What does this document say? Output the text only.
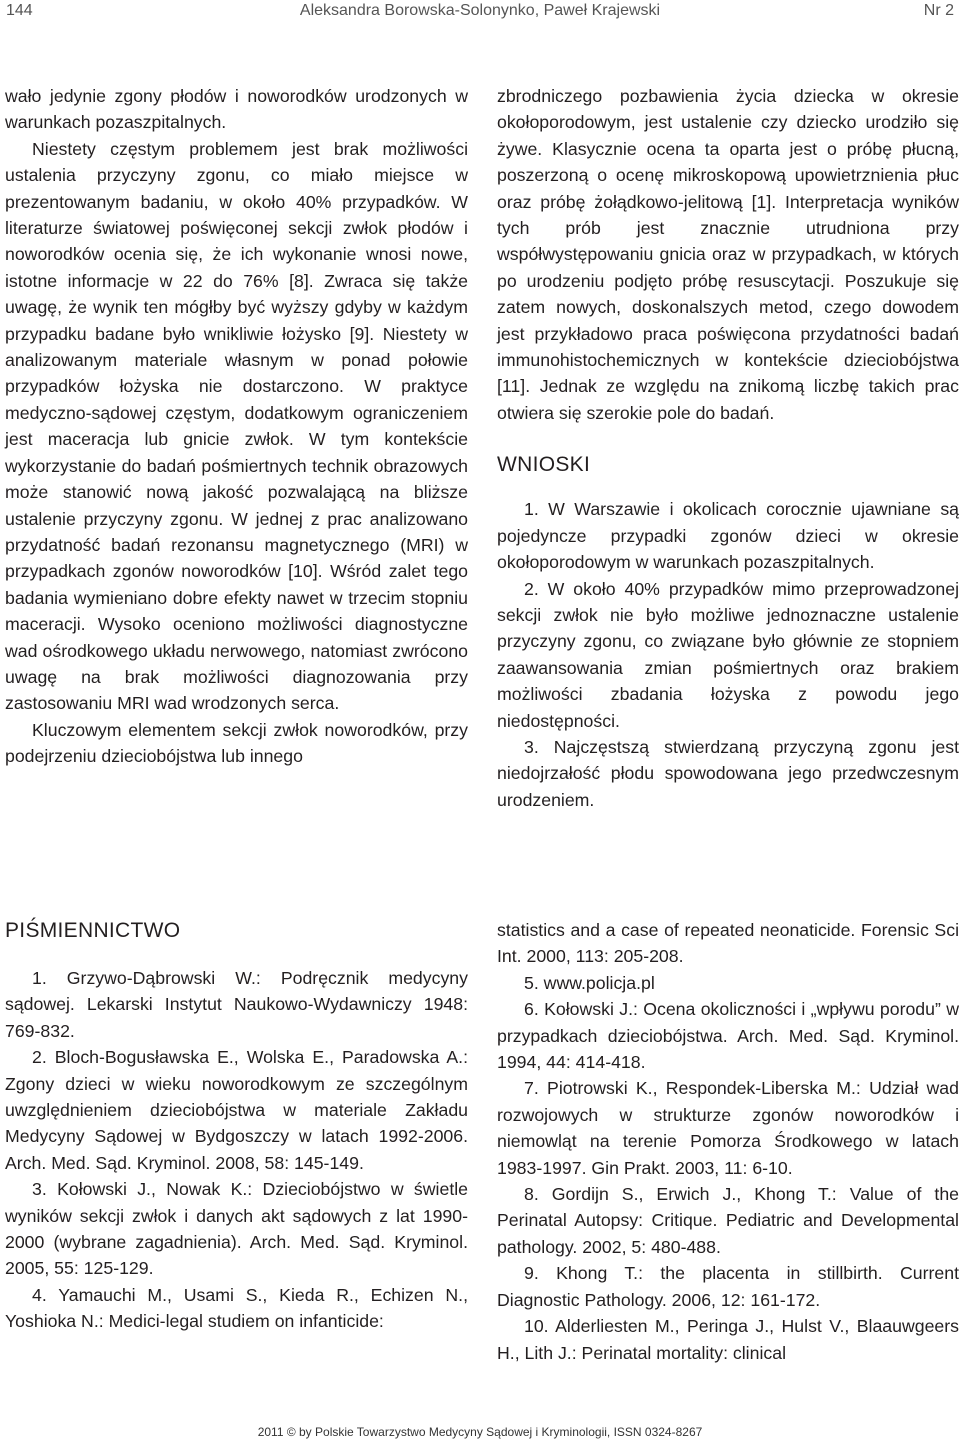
144	Aleksandra Borowska-Solonynko, Paweł Krajewski	Nr 2

wało jedynie zgony płodów i noworodków urodzonych w warunkach pozaszpitalnych.

Niestety częstym problemem jest brak możliwości ustalenia przyczyny zgonu, co miało miejsce w prezentowanym badaniu, w około 40% przypadków. W literaturze światowej poświęconej sekcji zwłok płodów i noworodków ocenia się, że ich wykonanie wnosi nowe, istotne informacje w 22 do 76% [8]. Zwraca się także uwagę, że wynik ten mógłby być wyższy gdyby w każdym przypadku badane było wnikliwie łożysko [9]. Niestety w analizowanym materiale własnym w ponad połowie przypadków łożyska nie dostarczono. W praktyce medyczno-sądowej częstym, dodatkowym ograniczeniem jest maceracja lub gnicie zwłok. W tym kontekście wykorzystanie do badań pośmiertnych technik obrazowych może stanowić nową jakość pozwalającą na bliższe ustalenie przyczyny zgonu. W jednej z prac analizowano przydatność badań rezonansu magnetycznego (MRI) w przypadkach zgonów noworodków [10]. Wśród zalet tego badania wymieniano dobre efekty nawet w trzecim stopniu maceracji. Wysoko oceniono możliwości diagnostyczne wad ośrodkowego układu nerwowego, natomiast zwrócono uwagę na brak możliwości diagnozowania przy zastosowaniu MRI wad wrodzonych serca.

Kluczowym elementem sekcji zwłok noworodków, przy podejrzeniu dzieciobójstwa lub innego

zbrodniczego pozbawienia życia dziecka w okresie okołoporodowym, jest ustalenie czy dziecko urodziło się żywe. Klasycznie ocena ta oparta jest o próbę płucną, poszerzoną o ocenę mikroskopową upowietrznienia płuc oraz próbę żołądkowo-jelitową [1]. Interpretacja wyników tych prób jest znacznie utrudniona przy współwystępowaniu gnicia oraz w przypadkach, w których po urodzeniu podjęto próbę resuscytacji. Poszukuje się zatem nowych, doskonalszych metod, czego dowodem jest przykładowo praca poświęcona przydatności badań immunohistochemicznych w kontekście dzieciobójstwa [11]. Jednak ze względu na znikomą liczbę takich prac otwiera się szerokie pole do badań.

WNIOSKI

1. W Warszawie i okolicach corocznie ujawniane są pojedyncze przypadki zgonów dzieci w okresie okołoporodowym w warunkach pozaszpitalnych.

2. W około 40% przypadków mimo przeprowadzonej sekcji zwłok nie było możliwe jednoznaczne ustalenie przyczyny zgonu, co związane było głównie ze stopniem zaawansowania zmian pośmiertnych oraz brakiem możliwości zbadania łożyska z powodu jego niedostępności.

3. Najczęstszą stwierdzaną przyczyną zgonu jest niedojrzałość płodu spowodowana jego przedwczesnym urodzeniem.

PIŚMIENNICTWO

1. Grzywo-Dąbrowski W.: Podręcznik medycyny sądowej. Lekarski Instytut Naukowo-Wydawniczy 1948: 769-832.

2. Bloch-Bogusławska E., Wolska E., Paradowska A.: Zgony dzieci w wieku noworodkowym ze szczególnym uwzględnieniem dzieciobójstwa w materiale Zakładu Medycyny Sądowej w Bydgoszczy w latach 1992-2006. Arch. Med. Sąd. Kryminol. 2008, 58: 145-149.

3. Kołowski J., Nowak K.: Dzieciobójstwo w świetle wyników sekcji zwłok i danych akt sądowych z lat 1990-2000 (wybrane zagadnienia). Arch. Med. Sąd. Kryminol. 2005, 55: 125-129.

4. Yamauchi M., Usami S., Kieda R., Echizen N., Yoshioka N.: Medici-legal studiem on infanticide:

statistics and a case of repeated neonaticide. Forensic Sci Int. 2000, 113: 205-208.

5. www.policja.pl

6. Kołowski J.: Ocena okoliczności i „wpływu porodu” w przypadkach dzieciobójstwa. Arch. Med. Sąd. Kryminol. 1994, 44: 414-418.

7. Piotrowski K., Respondek-Liberska M.: Udział wad rozwojowych w strukturze zgonów noworodków i niemowląt na terenie Pomorza Środkowego w latach 1983-1997. Gin Prakt. 2003, 11: 6-10.

8. Gordijn S., Erwich J., Khong T.: Value of the Perinatal Autopsy: Critique. Pediatric and Developmental pathology. 2002, 5: 480-488.

9. Khong T.: the placenta in stillbirth. Current Diagnostic Pathology. 2006, 12: 161-172.

10. Alderliesten M., Peringa J., Hulst V., Blaauwgeers H., Lith J.: Perinatal mortality: clinical

2011 © by Polskie Towarzystwo Medycyny Sądowej i Kryminologii, ISSN 0324-8267
